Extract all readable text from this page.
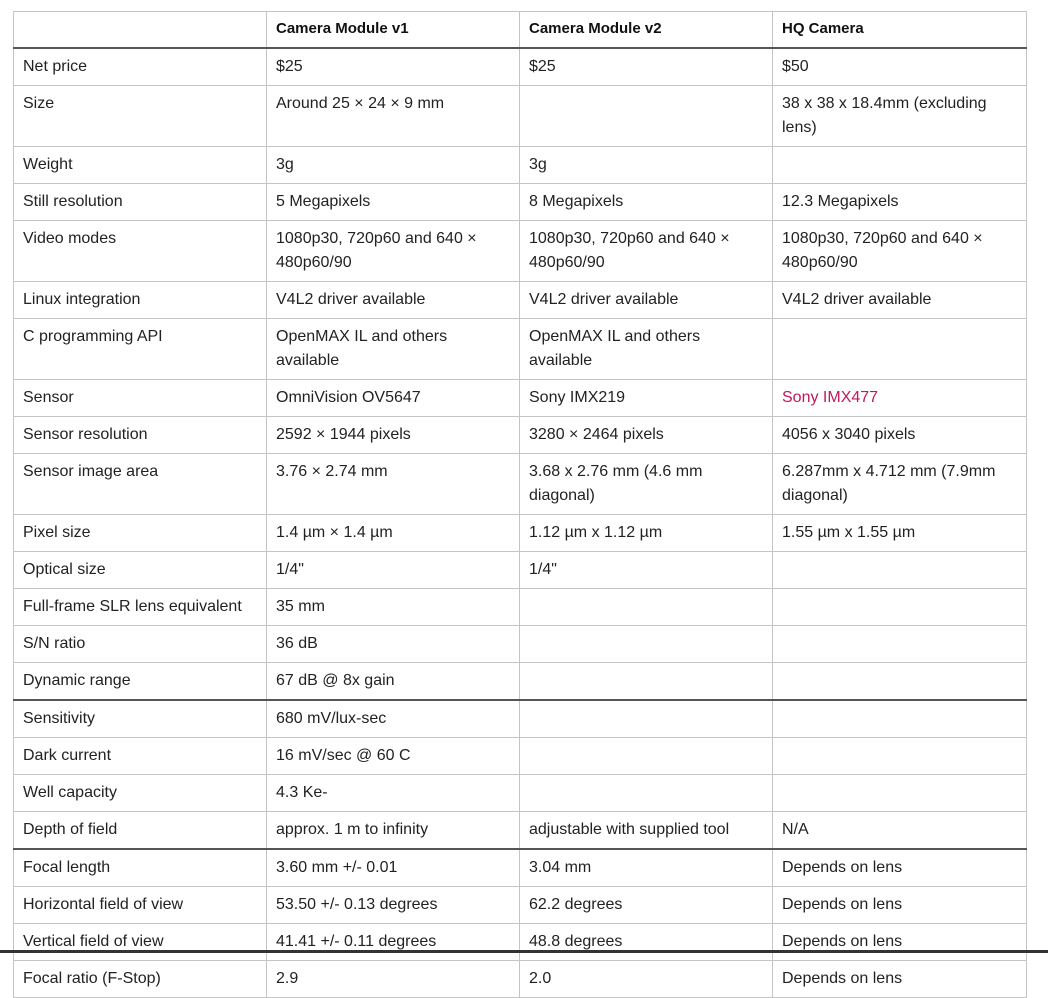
	Camera Module v1	Camera Module v2	HQ Camera
Net price	$25	$25	$50
Size	Around 25 × 24 × 9 mm		38 x 38 x 18.4mm (excluding lens)
Weight	3g	3g	
Still resolution	5 Megapixels	8 Megapixels	12.3 Megapixels
Video modes	1080p30, 720p60 and 640 × 480p60/90	1080p30, 720p60 and 640 × 480p60/90	1080p30, 720p60 and 640 × 480p60/90
Linux integration	V4L2 driver available	V4L2 driver available	V4L2 driver available
C programming API	OpenMAX IL and others available	OpenMAX IL and others available	
Sensor	OmniVision OV5647	Sony IMX219	Sony IMX477
Sensor resolution	2592 × 1944 pixels	3280 × 2464 pixels	4056 x 3040 pixels
Sensor image area	3.76 × 2.74 mm	3.68 x 2.76 mm (4.6 mm diagonal)	6.287mm x 4.712 mm (7.9mm diagonal)
Pixel size	1.4 µm × 1.4 µm	1.12 µm x 1.12 µm	1.55 µm x 1.55 µm
Optical size	1/4"	1/4"	
Full-frame SLR lens equivalent	35 mm		
S/N ratio	36 dB		
Dynamic range	67 dB @ 8x gain		
Sensitivity	680 mV/lux-sec		
Dark current	16 mV/sec @ 60 C		
Well capacity	4.3 Ke-		
Depth of field	approx. 1 m to infinity	adjustable with supplied tool	N/A
Focal length	3.60 mm +/- 0.01	3.04 mm	Depends on lens
Horizontal field of view	53.50 +/- 0.13 degrees	62.2 degrees	Depends on lens
Vertical field of view	41.41 +/- 0.11 degrees	48.8 degrees	Depends on lens
Focal ratio (F-Stop)	2.9	2.0	Depends on lens
